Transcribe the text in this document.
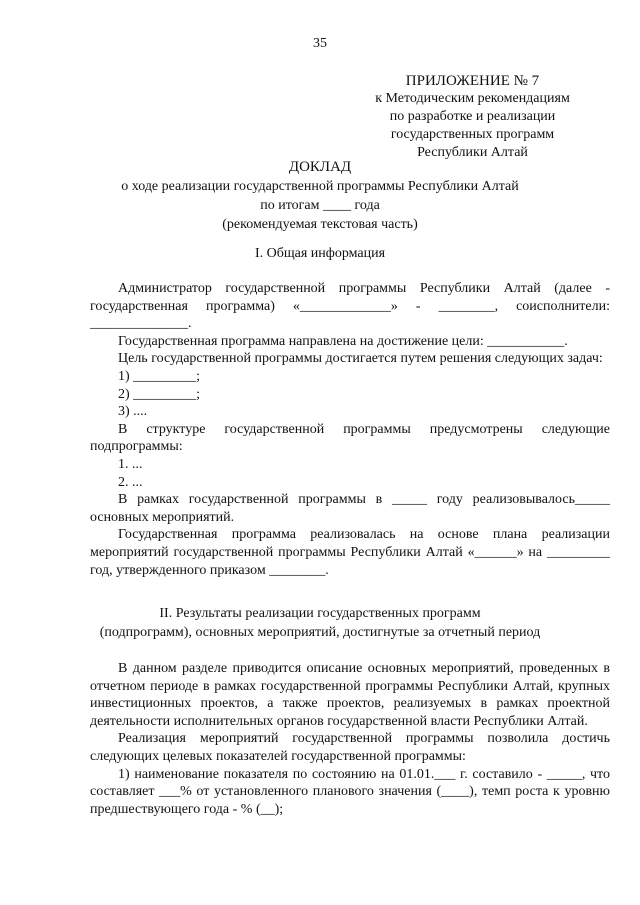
35
ПРИЛОЖЕНИЕ № 7
к Методическим рекомендациям
по разработке и реализации
государственных программ
Республики Алтай
ДОКЛАД
о ходе реализации государственной программы Республики Алтай
по итогам ____ года
(рекомендуемая текстовая часть)
I. Общая информация

Администратор государственной программы Республики Алтай (далее - государственная программа) «_____________» - ________, соисполнители: ______________.

Государственная программа направлена на достижение цели: ___________.

Цель государственной программы достигается путем решения следующих задач:

1) _________;

2) _________;

3) ....

В структуре государственной программы предусмотрены следующие подпрограммы:

1. ...

2. ...

В рамках государственной программы в _____ году реализовывалось_____ основных мероприятий.

Государственная программа реализовалась на основе плана реализации мероприятий государственной программы Республики Алтай «______» на _________ год, утвержденного приказом ________.

II. Результаты реализации государственных программ
(подпрограмм), основных мероприятий, достигнутые за отчетный период

В данном разделе приводится описание основных мероприятий, проведенных в отчетном периоде в рамках государственной программы Республики Алтай, крупных инвестиционных проектов, а также проектов, реализуемых в рамках проектной деятельности исполнительных органов государственной власти Республики Алтай.

Реализация мероприятий государственной программы позволила достичь следующих целевых показателей государственной программы:

1) наименование показателя по состоянию на 01.01.___ г. составило - _____, что составляет ___% от установленного планового значения (____), темп роста к уровню предшествующего года - % (__);
